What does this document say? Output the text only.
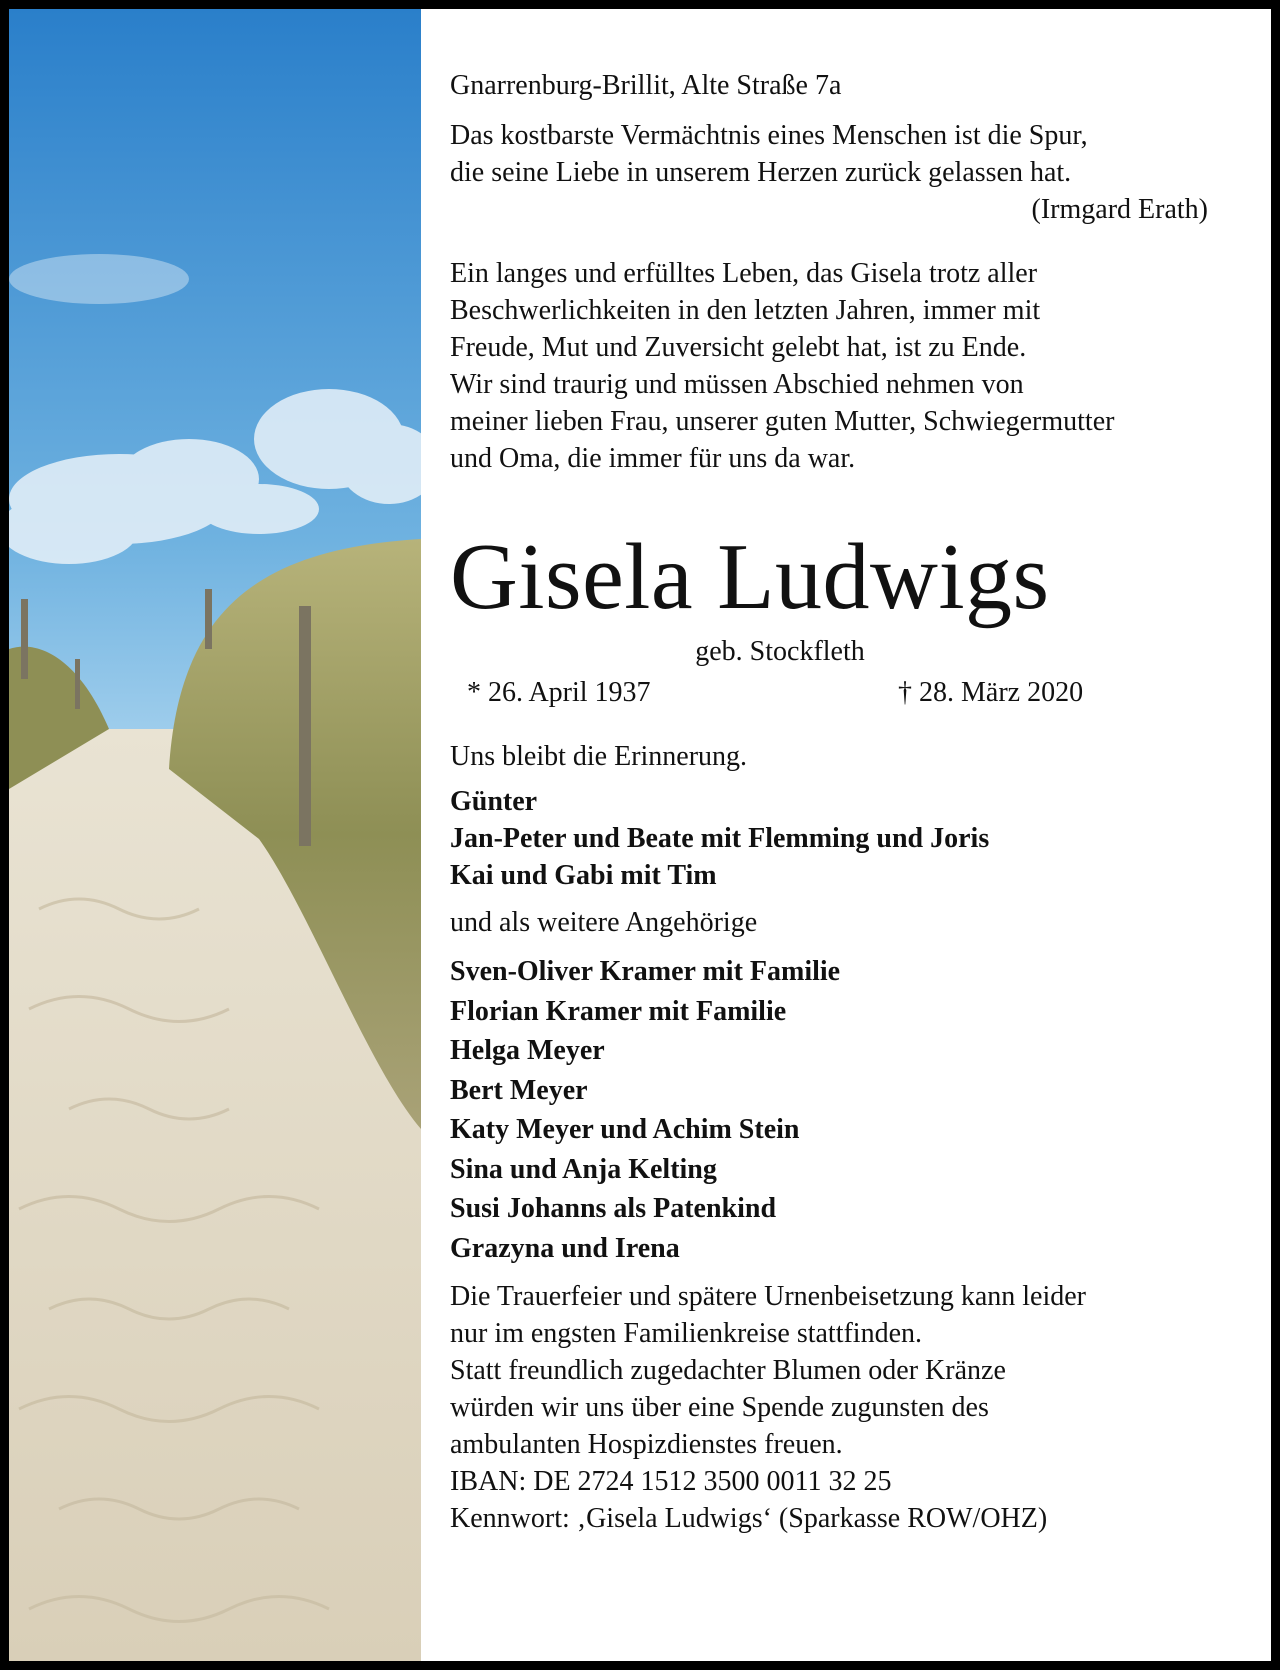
Gnarrenburg-Brillit, Alte Straße 7a

Das kostbarste Vermächtnis eines Menschen ist die Spur,

die seine Liebe in unserem Herzen zurück gelassen hat.

(Irmgard Erath)

Ein langes und erfülltes Leben, das Gisela trotz aller

Beschwerlichkeiten in den letzten Jahren, immer mit

Freude, Mut und Zuversicht gelebt hat, ist zu Ende.

Wir sind traurig und müssen Abschied nehmen von

meiner lieben Frau, unserer guten Mutter, Schwiegermutter

und Oma, die immer für uns da war.

Gisela Ludwigs

geb. Stockfleth

* 26. April 1937	† 28. März 2020

Uns bleibt die Erinnerung.

Günter

Jan-Peter und Beate mit Flemming und Joris

Kai und Gabi mit Tim

und als weitere Angehörige

Sven-Oliver Kramer mit Familie

Florian Kramer mit Familie

Helga Meyer

Bert Meyer

Katy Meyer und Achim Stein

Sina und Anja Kelting

Susi Johanns als Patenkind

Grazyna und Irena

Die Trauerfeier und spätere Urnenbeisetzung kann leider

nur im engsten Familienkreise stattfinden.

Statt freundlich zugedachter Blumen oder Kränze

würden wir uns über eine Spende zugunsten des

ambulanten Hospizdienstes freuen.

IBAN: DE 2724 1512 3500 0011 32 25

Kennwort: ‚Gisela Ludwigs‘ (Sparkasse ROW/OHZ)
